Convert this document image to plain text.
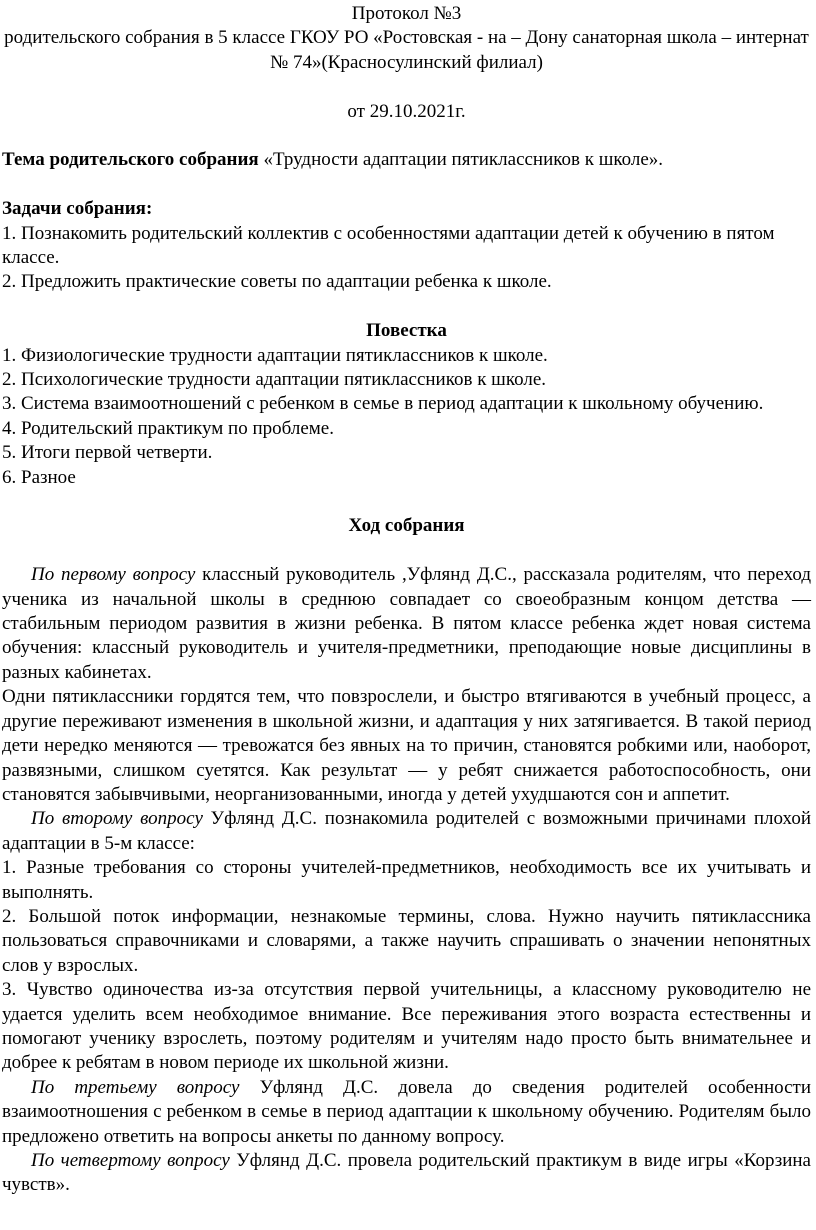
Протокол №3

родительского собрания в 5 классе ГКОУ РО «Ростовская - на – Дону санаторная школа – интернат № 74»(Красносулинский филиал)

от 29.10.2021г.

Тема родительского собрания «Трудности адаптации пятиклассников к школе».

Задачи собрания:

1. Познакомить родительский коллектив с особенностями адаптации детей к обучению в пятом классе.

2. Предложить практические советы по адаптации ребенка к школе.

Повестка

1. Физиологические трудности адаптации пятиклассников к школе.

2. Психологические трудности адаптации пятиклассников к школе.

3. Система взаимоотношений с ребенком в семье в период адаптации к школьному обучению.

4. Родительский практикум по проблеме.

5. Итоги первой четверти.

6. Разное

Ход собрания

По первому вопросу классный руководитель ,Уфлянд Д.С., рассказала родителям, что переход ученика из начальной школы в среднюю совпадает со своеобразным концом детства — стабильным периодом развития в жизни ребенка. В пятом классе ребенка ждет новая система обучения: классный руководитель и учителя-предметники, преподающие новые дисциплины в разных кабинетах.

Одни пятиклассники гордятся тем, что повзрослели, и быстро втягиваются в учебный процесс, а другие переживают изменения в школьной жизни, и адаптация у них затягивается. В такой период дети нередко меняются — тревожатся без явных на то причин, становятся робкими или, наоборот, развязными, слишком суетятся. Как результат — у ребят снижается работоспособность, они становятся забывчивыми, неорганизованными, иногда у детей ухудшаются сон и аппетит.

По второму вопросу Уфлянд Д.С. познакомила родителей с возможными причинами плохой адаптации в 5-м классе:

1. Разные требования со стороны учителей-предметников, необходимость все их учитывать и выполнять.

2. Большой поток информации, незнакомые термины, слова. Нужно научить пятиклассника пользоваться справочниками и словарями, а также научить спрашивать о значении непонятных слов у взрослых.

3. Чувство одиночества из-за отсутствия первой учительницы, а классному руководителю не удается уделить всем необходимое внимание. Все переживания этого возраста естественны и помогают ученику взрослеть, поэтому родителям и учителям надо просто быть внимательнее и добрее к ребятам в новом периоде их школьной жизни.

По третьему вопросу Уфлянд Д.С. довела до сведения родителей особенности взаимоотношения с ребенком в семье в период адаптации к школьному обучению. Родителям было предложено ответить на вопросы анкеты по данному вопросу.

По четвертому вопросу Уфлянд Д.С. провела родительский практикум в виде игры «Корзина чувств».
